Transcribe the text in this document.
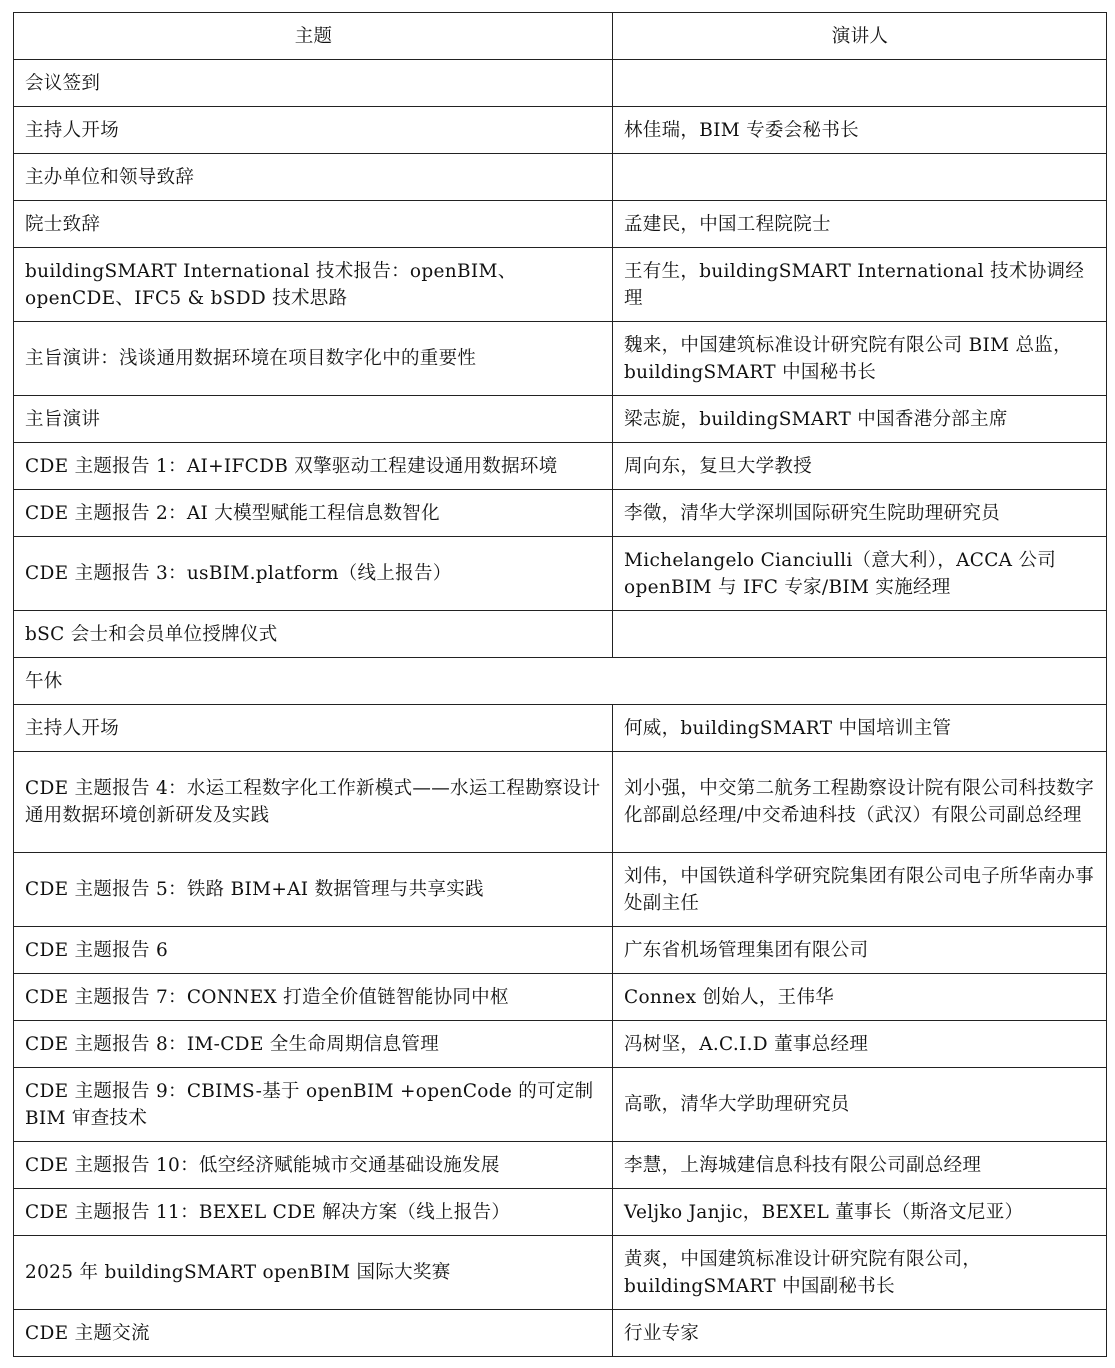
主题	演讲人
会议签到	
主持人开场	林佳瑞，BIM 专委会秘书长
主办单位和领导致辞	
院士致辞	孟建民，中国工程院院士
buildingSMART International 技术报告：openBIM、openCDE、IFC5 & bSDD 技术思路	王有生，buildingSMART International 技术协调经理
主旨演讲：浅谈通用数据环境在项目数字化中的重要性	魏来，中国建筑标准设计研究院有限公司 BIM 总监，buildingSMART 中国秘书长
主旨演讲	梁志旋，buildingSMART 中国香港分部主席
CDE 主题报告 1：AI+IFCDB 双擎驱动工程建设通用数据环境	周向东，复旦大学教授
CDE 主题报告 2：AI 大模型赋能工程信息数智化	李徵，清华大学深圳国际研究生院助理研究员
CDE 主题报告 3：usBIM.platform（线上报告）	Michelangelo Cianciulli（意大利），ACCA 公司 openBIM 与 IFC 专家/BIM 实施经理
bSC 会士和会员单位授牌仪式	
午休	
主持人开场	何威，buildingSMART 中国培训主管
CDE 主题报告 4：水运工程数字化工作新模式——水运工程勘察设计通用数据环境创新研发及实践	刘小强，中交第二航务工程勘察设计院有限公司科技数字化部副总经理/中交希迪科技（武汉）有限公司副总经理
CDE 主题报告 5：铁路 BIM+AI 数据管理与共享实践	刘伟，中国铁道科学研究院集团有限公司电子所华南办事处副主任
CDE 主题报告 6	广东省机场管理集团有限公司
CDE 主题报告 7：CONNEX 打造全价值链智能协同中枢	Connex 创始人，王伟华
CDE 主题报告 8：IM-CDE 全生命周期信息管理	冯树坚，A.C.I.D 董事总经理
CDE 主题报告 9：CBIMS-基于 openBIM +openCode 的可定制 BIM 审查技术	高歌，清华大学助理研究员
CDE 主题报告 10：低空经济赋能城市交通基础设施发展	李慧，上海城建信息科技有限公司副总经理
CDE 主题报告 11：BEXEL CDE 解决方案（线上报告）	Veljko Janjic，BEXEL 董事长（斯洛文尼亚）
2025 年 buildingSMART openBIM 国际大奖赛	黄爽，中国建筑标准设计研究院有限公司，buildingSMART 中国副秘书长
CDE 主题交流	行业专家
